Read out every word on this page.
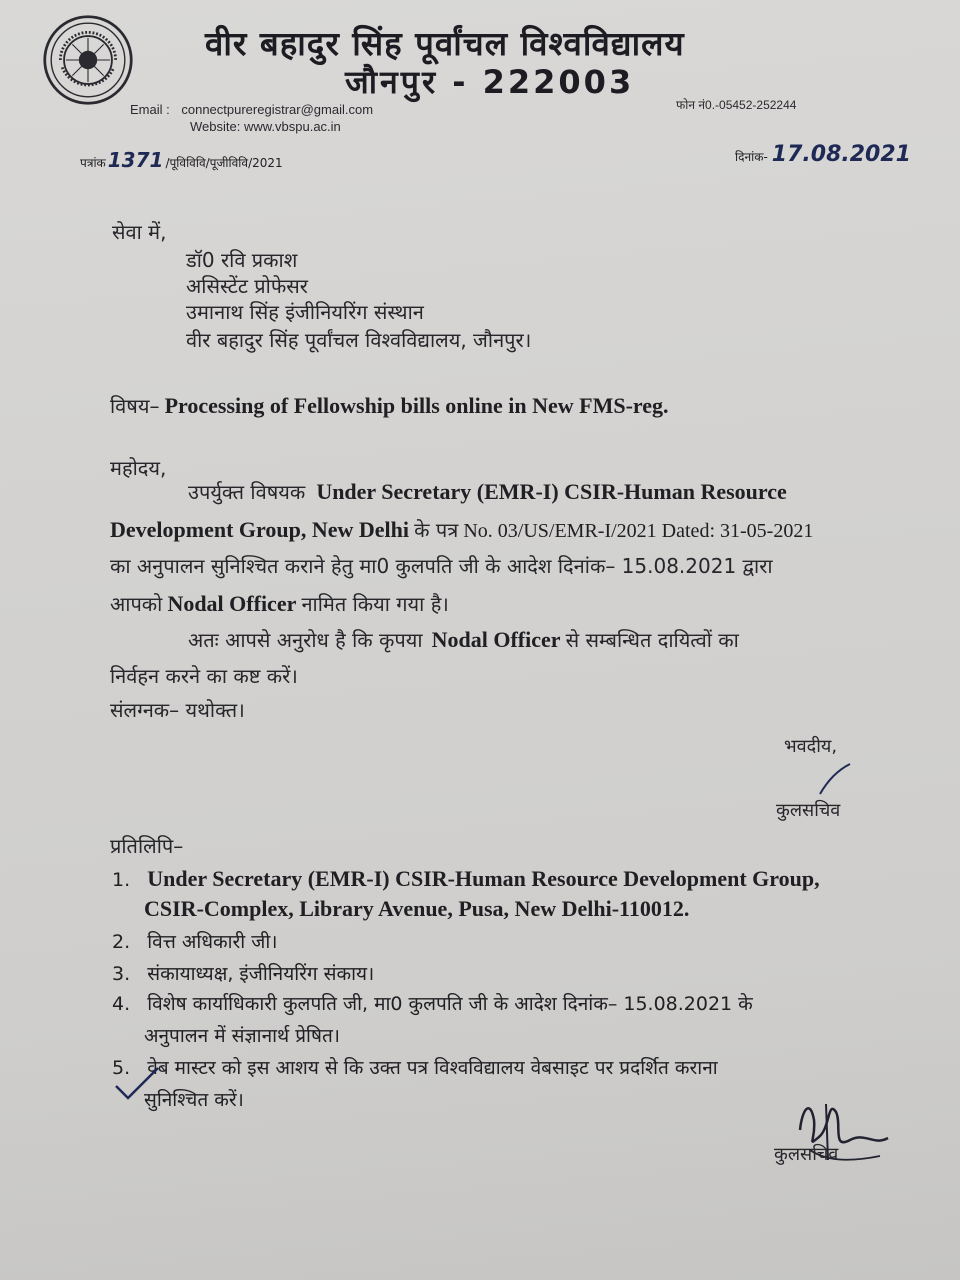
वीर बहादुर सिंह पूर्वांचल विश्वविद्यालय
जौनपुर - 222003
Email : connectpureregistrar@gmail.com
Website: www.vbspu.ac.in
फोन नं0.-05452-252244
पत्रांक 1371 /पूविविवि/पूजीविवि/2021	दिनांक- 17.08.2021
सेवा में,
डॉ0 रवि प्रकाश
असिस्टेंट प्रोफेसर
उमानाथ सिंह इंजीनियरिंग संस्थान
वीर बहादुर सिंह पूर्वांचल विश्वविद्यालय, जौनपुर।
विषय– Processing of Fellowship bills online in New FMS-reg.
महोदय,
उपर्युक्त विषयक Under Secretary (EMR-I) CSIR-Human Resource
Development Group, New Delhi के पत्र No. 03/US/EMR-I/2021 Dated: 31-05-2021
का अनुपालन सुनिश्चित कराने हेतु मा0 कुलपति जी के आदेश दिनांक– 15.08.2021 द्वारा
आपको Nodal Officer नामित किया गया है।
अतः आपसे अनुरोध है कि कृपया Nodal Officer से सम्बन्धित दायित्वों का
निर्वहन करने का कष्ट करें।
संलग्नक– यथोक्त।
भवदीय,
कुलसचिव
प्रतिलिपि–
1. Under Secretary (EMR-I) CSIR-Human Resource Development Group,
CSIR-Complex, Library Avenue, Pusa, New Delhi-110012.
2. वित्त अधिकारी जी।
3. संकायाध्यक्ष, इंजीनियरिंग संकाय।
4. विशेष कार्याधिकारी कुलपति जी, मा0 कुलपति जी के आदेश दिनांक– 15.08.2021 के
अनुपालन में संज्ञानार्थ प्रेषित।
5. वेब मास्टर को इस आशय से कि उक्त पत्र विश्वविद्यालय वेबसाइट पर प्रदर्शित कराना
सुनिश्चित करें।
कुलसचिव
